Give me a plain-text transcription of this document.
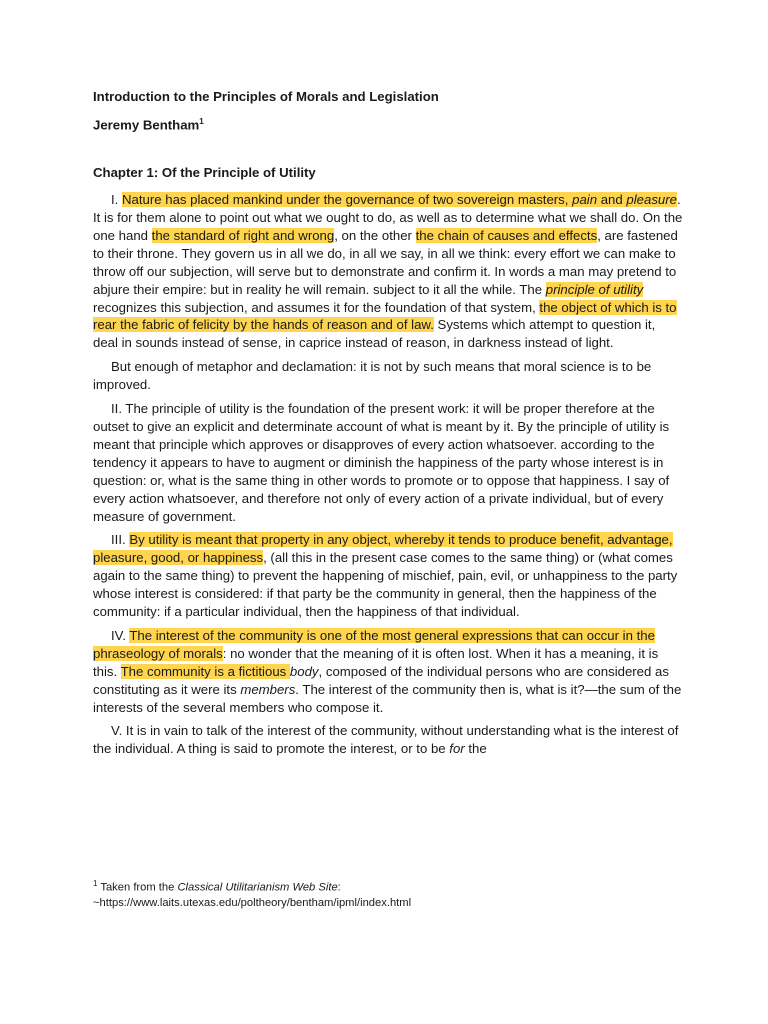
Introduction to the Principles of Morals and Legislation

Jeremy Bentham$^1$

Chapter 1: Of the Principle of Utility

I. Nature has placed mankind under the governance of two sovereign masters, pain and pleasure. It is for them alone to point out what we ought to do, as well as to determine what we shall do. On the one hand the standard of right and wrong, on the other the chain of causes and effects, are fastened to their throne. They govern us in all we do, in all we say, in all we think: every effort we can make to throw off our subjection, will serve but to demonstrate and confirm it. In words a man may pretend to abjure their empire: but in reality he will remain. subject to it all the while. The principle of utility recognizes this subjection, and assumes it for the foundation of that system, the object of which is to rear the fabric of felicity by the hands of reason and of law. Systems which attempt to question it, deal in sounds instead of sense, in caprice instead of reason, in darkness instead of light.

But enough of metaphor and declamation: it is not by such means that moral science is to be improved.

II. The principle of utility is the foundation of the present work: it will be proper therefore at the outset to give an explicit and determinate account of what is meant by it. By the principle of utility is meant that principle which approves or disapproves of every action whatsoever. according to the tendency it appears to have to augment or diminish the happiness of the party whose interest is in question: or, what is the same thing in other words to promote or to oppose that happiness. I say of every action whatsoever, and therefore not only of every action of a private individual, but of every measure of government.

III. By utility is meant that property in any object, whereby it tends to produce benefit, advantage, pleasure, good, or happiness, (all this in the present case comes to the same thing) or (what comes again to the same thing) to prevent the happening of mischief, pain, evil, or unhappiness to the party whose interest is considered: if that party be the community in general, then the happiness of the community: if a particular individual, then the happiness of that individual.

IV. The interest of the community is one of the most general expressions that can occur in the phraseology of morals: no wonder that the meaning of it is often lost. When it has a meaning, it is this. The community is a fictitious body, composed of the individual persons who are considered as constituting as it were its members. The interest of the community then is, what is it?—the sum of the interests of the several members who compose it.

V. It is in vain to talk of the interest of the community, without understanding what is the interest of the individual. A thing is said to promote the interest, or to be for the

$^1$ Taken from the Classical Utilitarianism Web Site:
~https://www.laits.utexas.edu/poltheory/bentham/ipml/index.html
